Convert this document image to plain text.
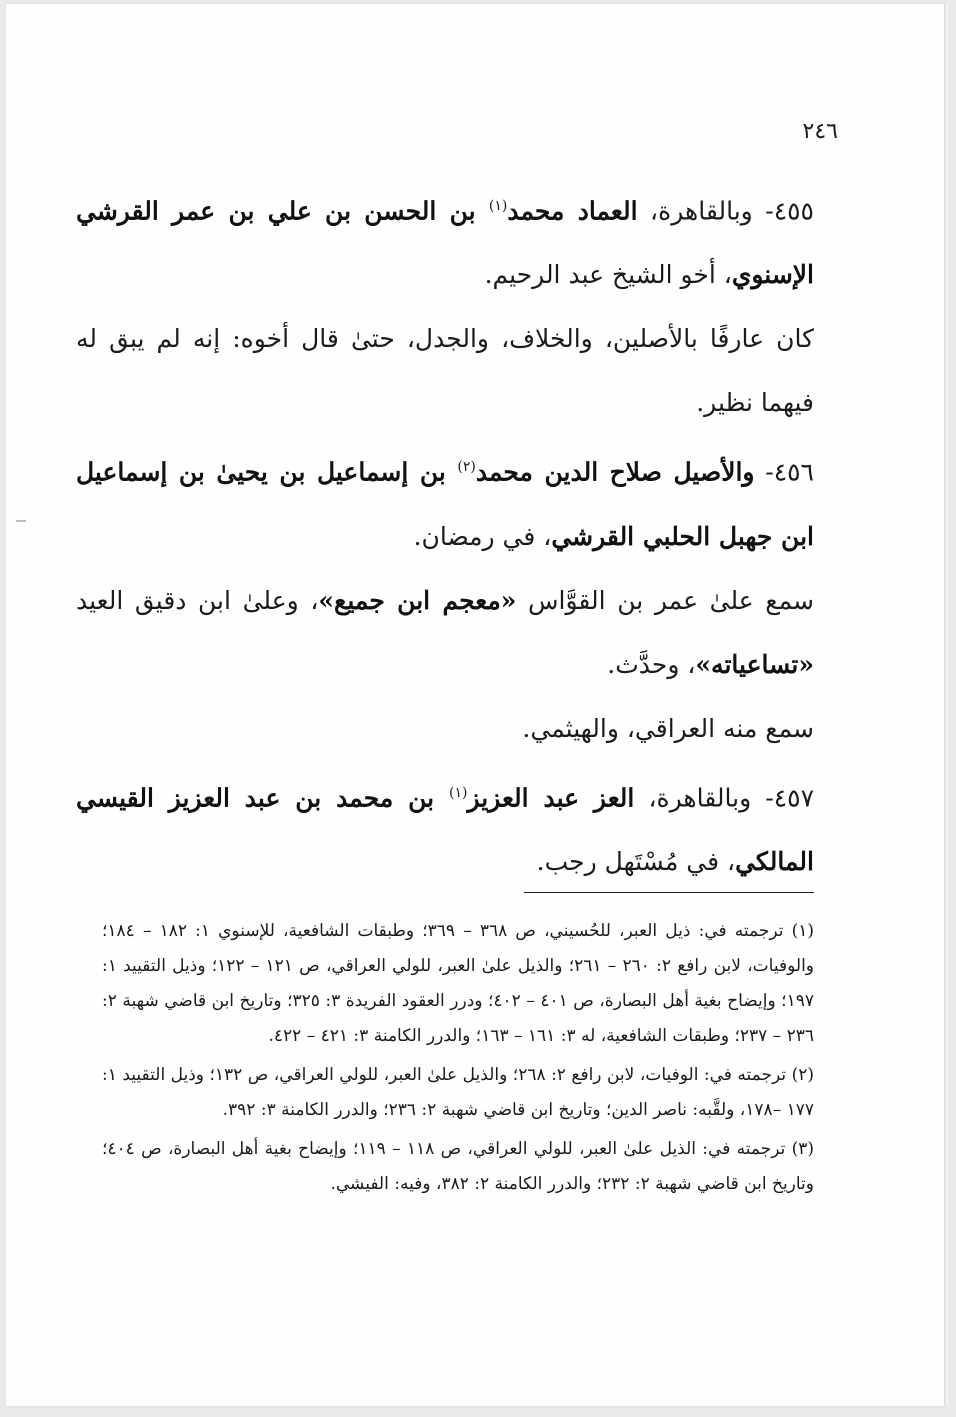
٢٤٦

٤٥٥- وبالقاهرة، العماد محمد$^{(١)}$ بن الحسن بن علي بن عمر القرشي الإسنوي، أخو الشيخ عبد الرحيم.

كان عارفًا بالأصلين، والخلاف، والجدل، حتىٰ قال أخوه: إنه لم يبق له فيهما نظير.

٤٥٦- والأصيل صلاح الدين محمد$^{(٢)}$ بن إسماعيل بن يحيىٰ بن إسماعيل ابن جهبل الحلبي القرشي، في رمضان.

سمع علىٰ عمر بن القوَّاس «معجم ابن جميع»، وعلىٰ ابن دقيق العيد «تساعياته»، وحدَّث.

سمع منه العراقي، والهيثمي.

٤٥٧- وبالقاهرة، العز عبد العزيز$^{(١)}$ بن محمد بن عبد العزيز القيسي المالكي، في مُسْتَهل رجب.

(١) ترجمته في: ذيل العبر، للحُسيني، ص ٣٦٨ – ٣٦٩؛ وطبقات الشافعية، للإسنوي ١: ١٨٢ – ١٨٤؛ والوفيات، لابن رافع ٢: ٢٦٠ – ٢٦١؛ والذيل علىٰ العبر، للولي العراقي، ص ١٢١ – ١٢٢؛ وذيل التقييد ١: ١٩٧؛ وإيضاح بغية أهل البصارة، ص ٤٠١ – ٤٠٢؛ ودرر العقود الفريدة ٣: ٣٢٥؛ وتاريخ ابن قاضي شهبة ٢: ٢٣٦ – ٢٣٧؛ وطبقات الشافعية، له ٣: ١٦١ – ١٦٣؛ والدرر الكامنة ٣: ٤٢١ – ٤٢٢.

(٢) ترجمته في: الوفيات، لابن رافع ٢: ٢٦٨؛ والذيل علىٰ العبر، للولي العراقي، ص ١٣٢؛ وذيل التقييد ١: ١٧٧ –١٧٨، ولقَّبه: ناصر الدين؛ وتاريخ ابن قاضي شهبة ٢: ٢٣٦؛ والدرر الكامنة ٣: ٣٩٢.

(٣) ترجمته في: الذيل علىٰ العبر، للولي العراقي، ص ١١٨ – ١١٩؛ وإيضاح بغية أهل البصارة، ص ٤٠٤؛ وتاريخ ابن قاضي شهبة ٢: ٢٣٢؛ والدرر الكامنة ٢: ٣٨٢، وفيه: الفيشي.
